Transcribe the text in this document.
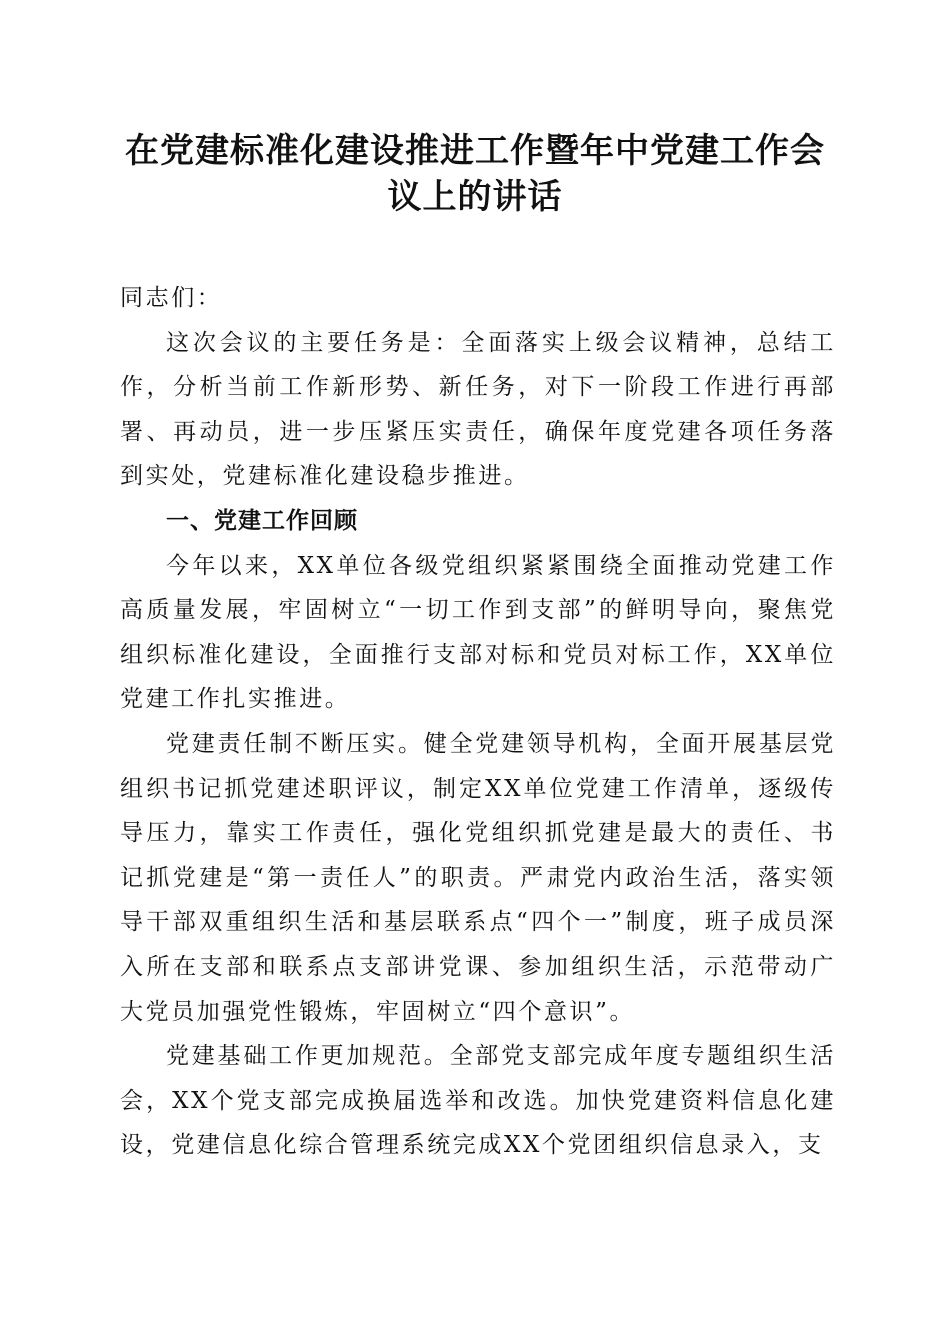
在党建标准化建设推进工作暨年中党建工作会
议上的讲话

同志们：

这次会议的主要任务是：全面落实上级会议精神，总结工作，分析当前工作新形势、新任务，对下一阶段工作进行再部署、再动员，进一步压紧压实责任，确保年度党建各项任务落到实处，党建标准化建设稳步推进。

一、党建工作回顾

今年以来，XX单位各级党组织紧紧围绕全面推动党建工作高质量发展，牢固树立“一切工作到支部”的鲜明导向，聚焦党组织标准化建设，全面推行支部对标和党员对标工作，XX单位党建工作扎实推进。

党建责任制不断压实。健全党建领导机构，全面开展基层党组织书记抓党建述职评议，制定XX单位党建工作清单，逐级传导压力，靠实工作责任，强化党组织抓党建是最大的责任、书记抓党建是“第一责任人”的职责。严肃党内政治生活，落实领导干部双重组织生活和基层联系点“四个一”制度，班子成员深入所在支部和联系点支部讲党课、参加组织生活，示范带动广大党员加强党性锻炼，牢固树立“四个意识”。

党建基础工作更加规范。全部党支部完成年度专题组织生活会，XX个党支部完成换届选举和改选。加快党建资料信息化建设，党建信息化综合管理系统完成XX个党团组织信息录入，支
